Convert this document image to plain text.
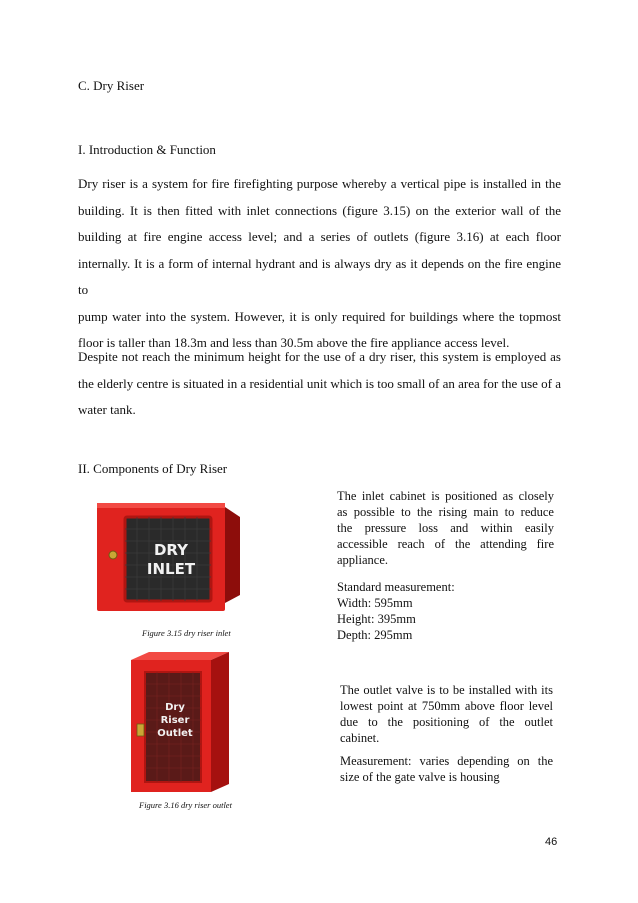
C. Dry Riser
I. Introduction & Function
Dry riser is a system for fire firefighting purpose whereby a vertical pipe is installed in the
building. It is then fitted with inlet connections (figure 3.15) on the exterior wall of the
building at fire engine access level; and a series of outlets (figure 3.16) at each floor
internally. It is a form of internal hydrant and is always dry as it depends on the fire engine to
pump water into the system. However, it is only required for buildings where the topmost
floor is taller than 18.3m and less than 30.5m above the fire appliance access level.
Despite not reach the minimum height for the use of a dry riser, this system is employed as
the elderly centre is situated in a residential unit which is too small of an area for the use of a
water tank.
II. Components of Dry Riser
DRY
INLET
Figure 3.15 dry riser inlet
The inlet cabinet is positioned as closely
as possible to the rising main to reduce
the pressure loss and within easily
accessible reach of the attending fire
appliance.
Standard measurement:
Width: 595mm
Height: 395mm
Depth: 295mm
Dry
Riser
Outlet
Figure 3.16 dry riser outlet
The outlet valve is to be installed with its
lowest point at 750mm above floor level
due to the positioning of the outlet
cabinet.
Measurement: varies depending on the
size of the gate valve is housing
46
